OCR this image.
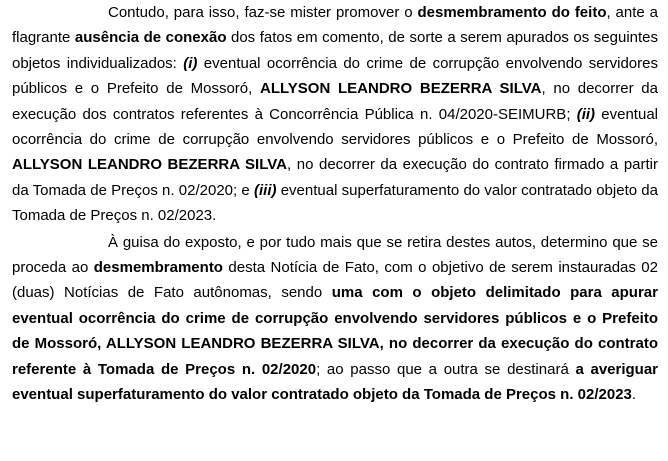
Contudo, para isso, faz-se mister promover o desmembramento do feito, ante a flagrante ausência de conexão dos fatos em comento, de sorte a serem apurados os seguintes objetos individualizados: (i) eventual ocorrência do crime de corrupção envolvendo servidores públicos e o Prefeito de Mossoró, ALLYSON LEANDRO BEZERRA SILVA, no decorrer da execução dos contratos referentes à Concorrência Pública n. 04/2020-SEIMURB; (ii) eventual ocorrência do crime de corrupção envolvendo servidores públicos e o Prefeito de Mossoró, ALLYSON LEANDRO BEZERRA SILVA, no decorrer da execução do contrato firmado a partir da Tomada de Preços n. 02/2020; e (iii) eventual superfaturamento do valor contratado objeto da Tomada de Preços n. 02/2023.

À guisa do exposto, e por tudo mais que se retira destes autos, determino que se proceda ao desmembramento desta Notícia de Fato, com o objetivo de serem instauradas 02 (duas) Notícias de Fato autônomas, sendo uma com o objeto delimitado para apurar eventual ocorrência do crime de corrupção envolvendo servidores públicos e o Prefeito de Mossoró, ALLYSON LEANDRO BEZERRA SILVA, no decorrer da execução do contrato referente à Tomada de Preços n. 02/2020; ao passo que a outra se destinará a averiguar eventual superfaturamento do valor contratado objeto da Tomada de Preços n. 02/2023.
